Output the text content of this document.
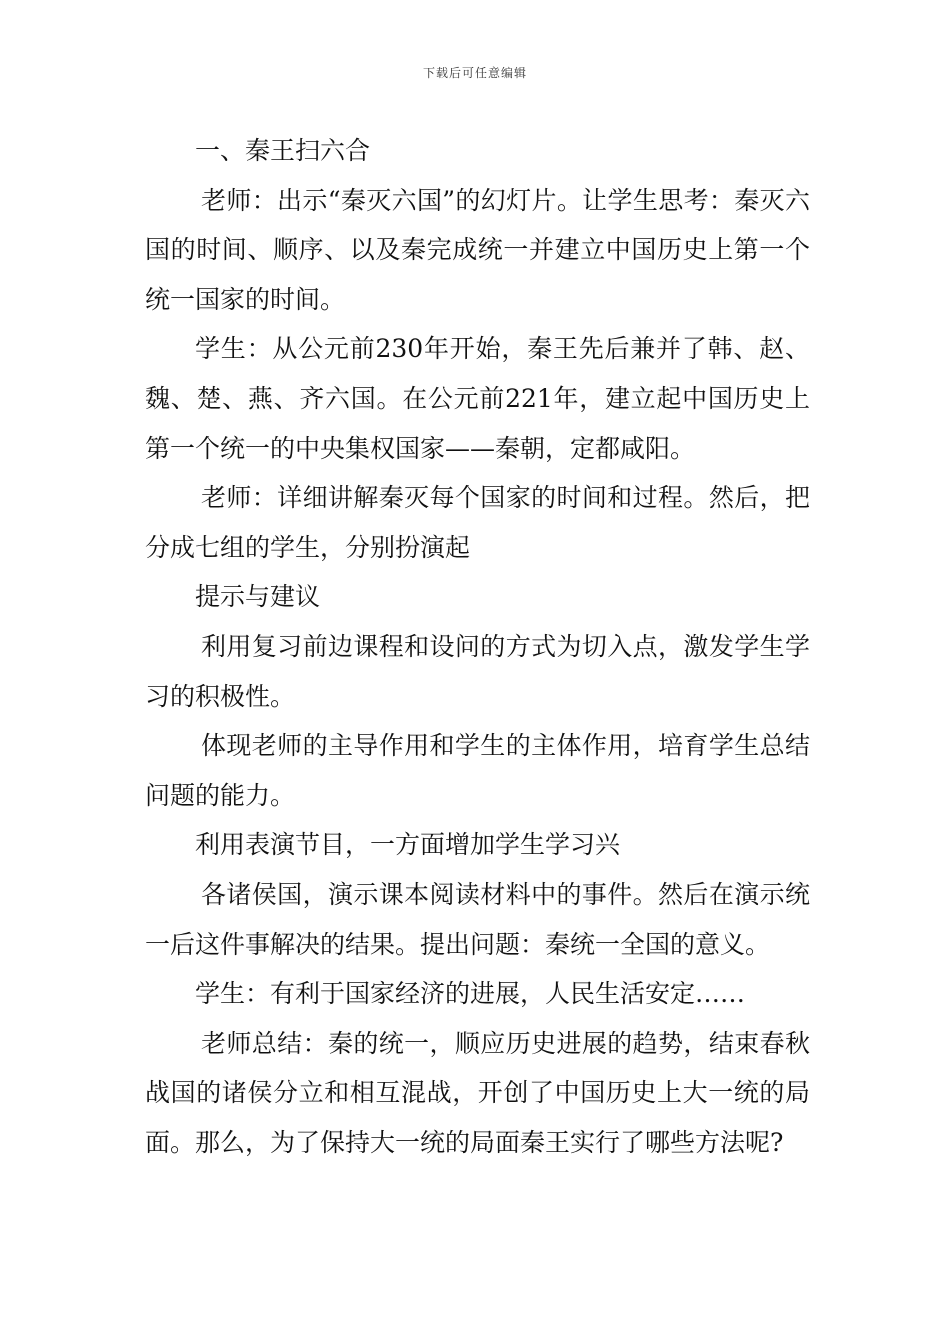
下载后可任意编辑

一、秦王扫六合

老师：出示“秦灭六国”的幻灯片。让学生思考：秦灭六国的时间、顺序、以及秦完成统一并建立中国历史上第一个统一国家的时间。

学生：从公元前230年开始，秦王先后兼并了韩、赵、魏、楚、燕、齐六国。在公元前221年，建立起中国历史上第一个统一的中央集权国家——秦朝，定都咸阳。

老师：详细讲解秦灭每个国家的时间和过程。然后，把分成七组的学生，分别扮演起

提示与建议

利用复习前边课程和设问的方式为切入点，激发学生学习的积极性。

体现老师的主导作用和学生的主体作用，培育学生总结问题的能力。

利用表演节目，一方面增加学生学习兴

各诸侯国，演示课本阅读材料中的事件。然后在演示统一后这件事解决的结果。提出问题：秦统一全国的意义。

学生：有利于国家经济的进展，人民生活安定……

老师总结：秦的统一，顺应历史进展的趋势，结束春秋战国的诸侯分立和相互混战，开创了中国历史上大一统的局面。那么，为了保持大一统的局面秦王实行了哪些方法呢?
